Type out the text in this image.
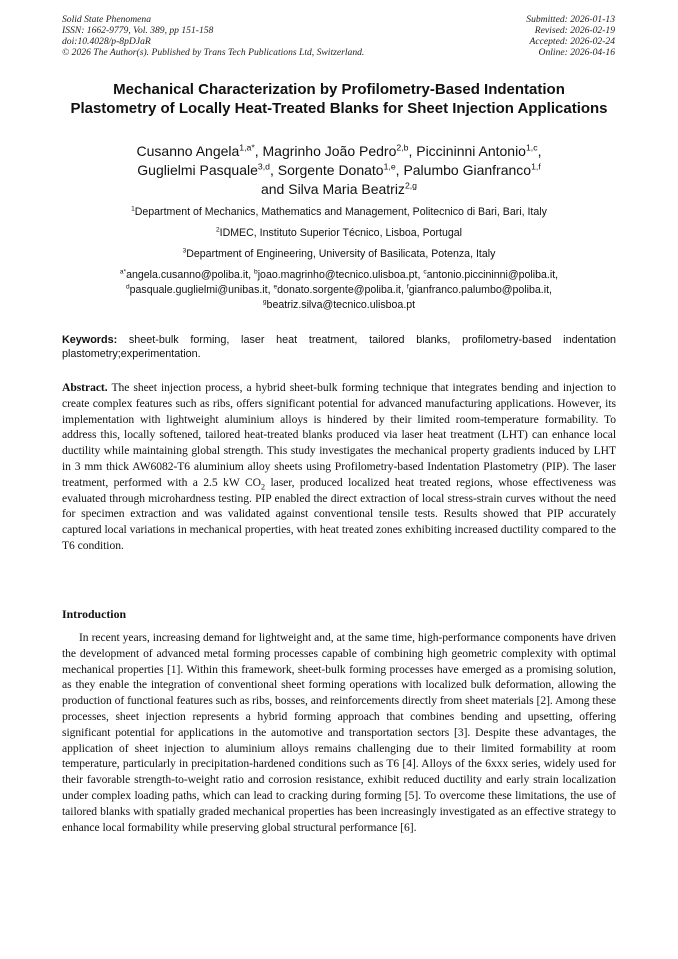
Solid State Phenomena
ISSN: 1662-9779, Vol. 389, pp 151-158
doi:10.4028/p-8pDJaR
© 2026 The Author(s). Published by Trans Tech Publications Ltd, Switzerland.
Submitted: 2026-01-13
Revised: 2026-02-19
Accepted: 2026-02-24
Online: 2026-04-16
Mechanical Characterization by Profilometry-Based Indentation Plastometry of Locally Heat-Treated Blanks for Sheet Injection Applications
Cusanno Angela$^{1,a*}$, Magrinho João Pedro$^{2,b}$, Piccininni Antonio$^{1,c}$,
Guglielmi Pasquale$^{3,d}$, Sorgente Donato$^{1,e}$, Palumbo Gianfranco$^{1,f}$
and Silva Maria Beatriz$^{2,g}$
$^1$Department of Mechanics, Mathematics and Management, Politecnico di Bari, Bari, Italy
$^2$IDMEC, Instituto Superior Técnico, Lisboa, Portugal
$^3$Department of Engineering, University of Basilicata, Potenza, Italy
$^{a*}$angela.cusanno@poliba.it, $^b$joao.magrinho@tecnico.ulisboa.pt, $^c$antonio.piccininni@poliba.it,
$^d$pasquale.guglielmi@unibas.it, $^e$donato.sorgente@poliba.it, $^f$gianfranco.palumbo@poliba.it,
$^g$beatriz.silva@tecnico.ulisboa.pt
Keywords: sheet-bulk forming, laser heat treatment, tailored blanks, profilometry-based indentation plastometry;experimentation.
Abstract. The sheet injection process, a hybrid sheet-bulk forming technique that integrates bending and injection to create complex features such as ribs, offers significant potential for advanced manufacturing applications. However, its implementation with lightweight aluminium alloys is hindered by their limited room-temperature formability. To address this, locally softened, tailored heat-treated blanks produced via laser heat treatment (LHT) can enhance local ductility while maintaining global strength. This study investigates the mechanical property gradients induced by LHT in 3 mm thick AW6082-T6 aluminium alloy sheets using Profilometry-based Indentation Plastometry (PIP). The laser treatment, performed with a 2.5 kW $CO_2$ laser, produced localized heat treated regions, whose effectiveness was evaluated through microhardness testing. PIP enabled the direct extraction of local stress-strain curves without the need for specimen extraction and was validated against conventional tensile tests. Results showed that PIP accurately captured local variations in mechanical properties, with heat treated zones exhibiting increased ductility compared to the T6 condition.
Introduction
In recent years, increasing demand for lightweight and, at the same time, high-performance components have driven the development of advanced metal forming processes capable of combining high geometric complexity with optimal mechanical properties [1]. Within this framework, sheet-bulk forming processes have emerged as a promising solution, as they enable the integration of conventional sheet forming operations with localized bulk deformation, allowing the production of functional features such as ribs, bosses, and reinforcements directly from sheet materials [2]. Among these processes, sheet injection represents a hybrid forming approach that combines bending and upsetting, offering significant potential for applications in the automotive and transportation sectors [3]. Despite these advantages, the application of sheet injection to aluminium alloys remains challenging due to their limited formability at room temperature, particularly in precipitation-hardened conditions such as T6 [4]. Alloys of the 6xxx series, widely used for their favorable strength-to-weight ratio and corrosion resistance, exhibit reduced ductility and early strain localization under complex loading paths, which can lead to cracking during forming [5]. To overcome these limitations, the use of tailored blanks with spatially graded mechanical properties has been increasingly investigated as an effective strategy to enhance local formability while preserving global structural performance [6].
